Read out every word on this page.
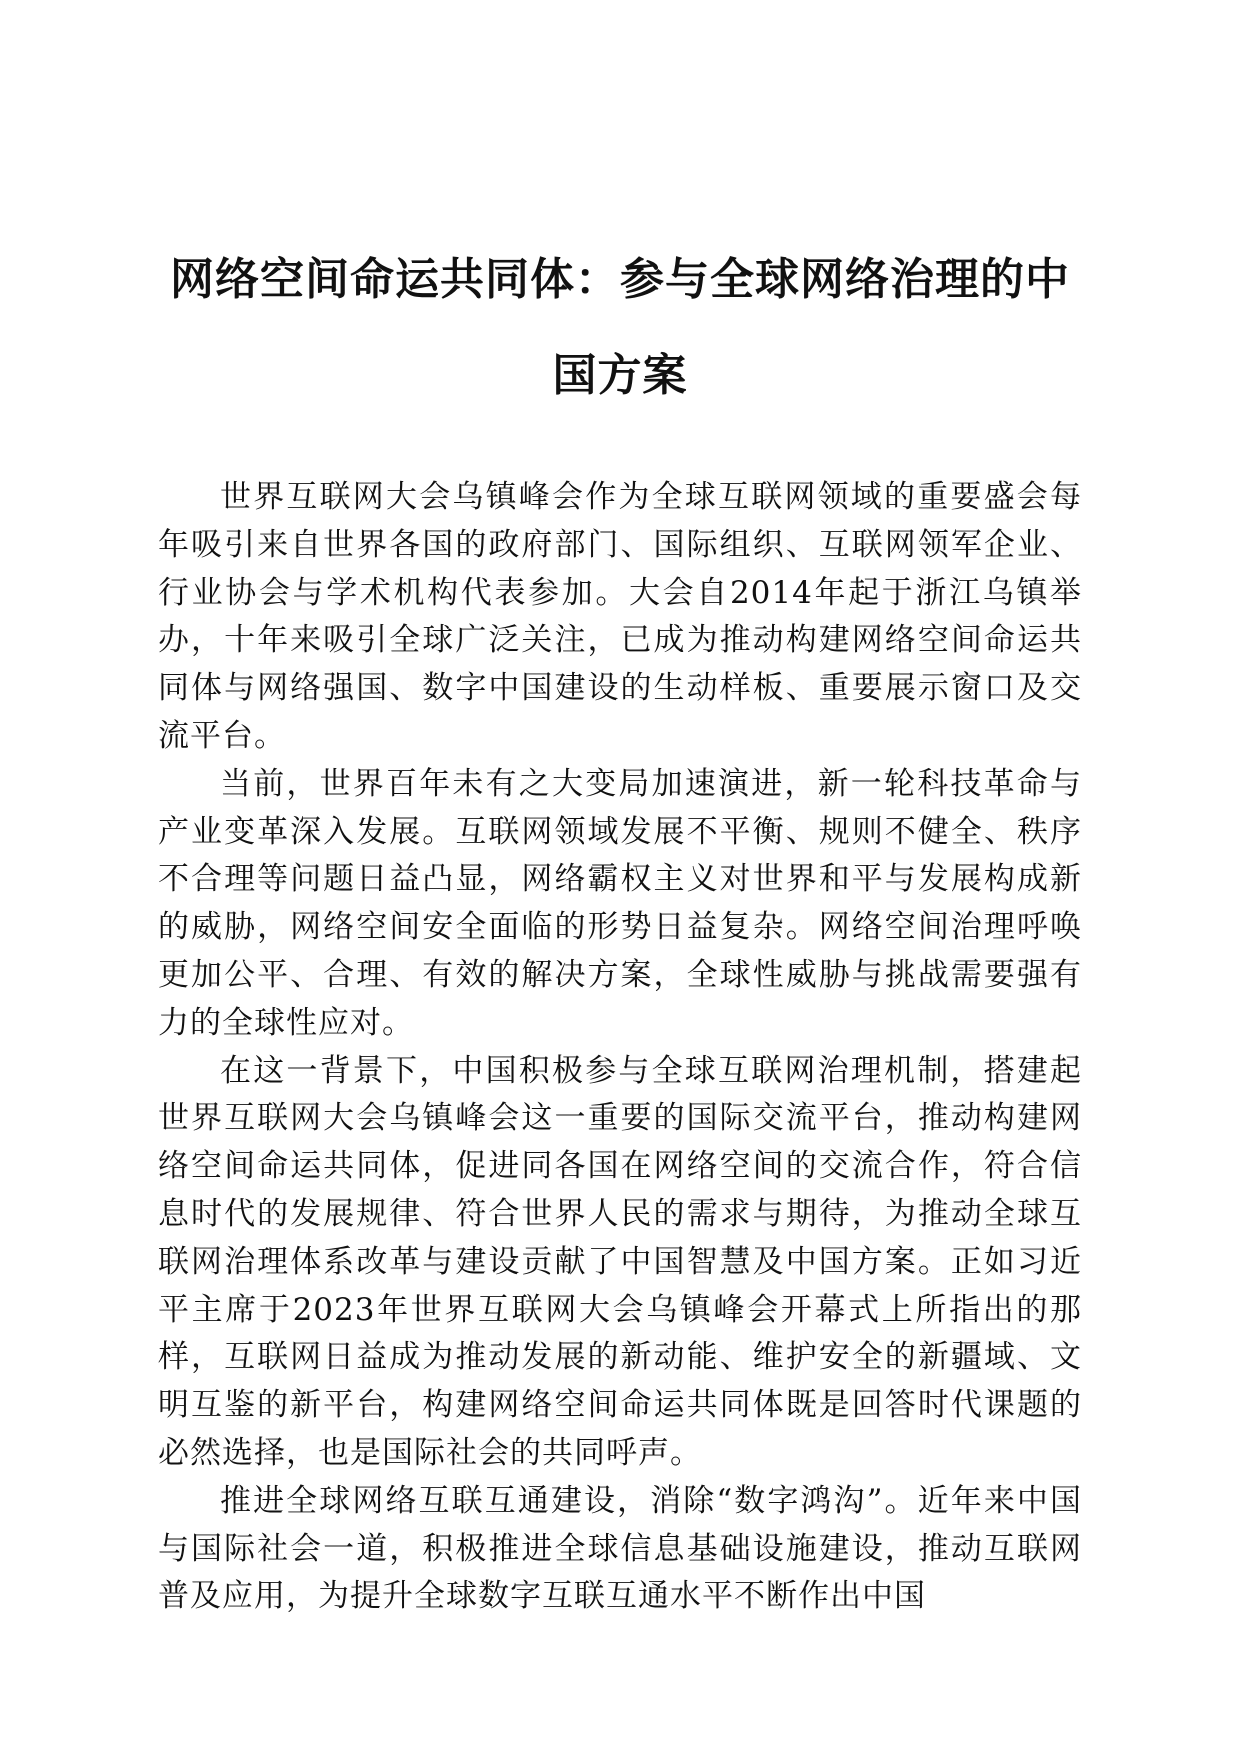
网络空间命运共同体：参与全球网络治理的中
国方案

世界互联网大会乌镇峰会作为全球互联网领域的重要盛会每年吸引来自世界各国的政府部门、国际组织、互联网领军企业、行业协会与学术机构代表参加。大会自2014年起于浙江乌镇举办，十年来吸引全球广泛关注，已成为推动构建网络空间命运共同体与网络强国、数字中国建设的生动样板、重要展示窗口及交流平台。

当前，世界百年未有之大变局加速演进，新一轮科技革命与产业变革深入发展。互联网领域发展不平衡、规则不健全、秩序不合理等问题日益凸显，网络霸权主义对世界和平与发展构成新的威胁，网络空间安全面临的形势日益复杂。网络空间治理呼唤更加公平、合理、有效的解决方案，全球性威胁与挑战需要强有力的全球性应对。

在这一背景下，中国积极参与全球互联网治理机制，搭建起世界互联网大会乌镇峰会这一重要的国际交流平台，推动构建网络空间命运共同体，促进同各国在网络空间的交流合作，符合信息时代的发展规律、符合世界人民的需求与期待，为推动全球互联网治理体系改革与建设贡献了中国智慧及中国方案。正如习近平主席于2023年世界互联网大会乌镇峰会开幕式上所指出的那样，互联网日益成为推动发展的新动能、维护安全的新疆域、文明互鉴的新平台，构建网络空间命运共同体既是回答时代课题的必然选择，也是国际社会的共同呼声。

推进全球网络互联互通建设，消除“数字鸿沟”。近年来中国与国际社会一道，积极推进全球信息基础设施建设，推动互联网普及应用，为提升全球数字互联互通水平不断作出中国
